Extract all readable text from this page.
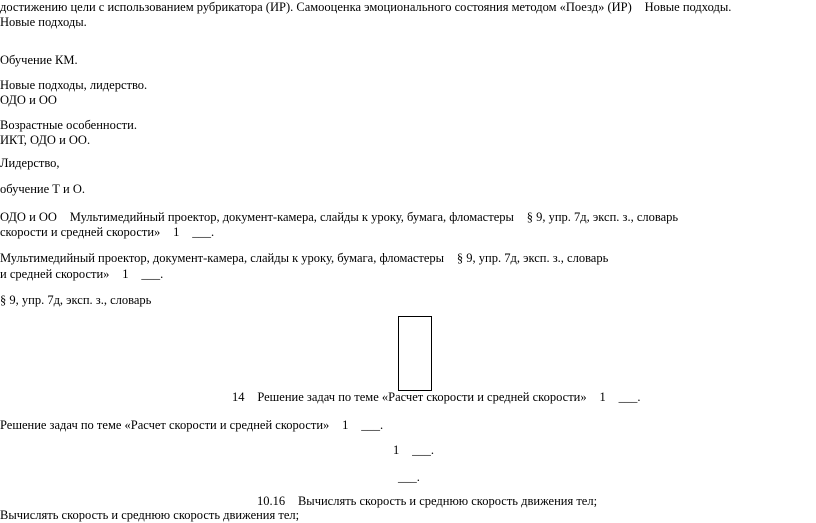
достижению цели с использованием рубрикатора (ИР). Самооценка эмоционального состояния методом «Поезд» (ИР) Новые подходы.
Новые подходы.
Обучение КМ.
Новые подходы, лидерство.
ОДО и ОО
Возрастные особенности.
ИКТ, ОДО и ОО.
Лидерство,
обучение Т и О.
ОДО и ОО Мультимедийный проектор, документ-камера, слайды к уроку, бумага, фломастеры § 9, упр. 7д, эксп. з., словарь
скорости и средней скорости» 1 ___.
Мультимедийный проектор, документ-камера, слайды к уроку, бумага, фломастеры § 9, упр. 7д, эксп. з., словарь
и средней скорости» 1 ___.
§ 9, упр. 7д, эксп. з., словарь
14 Решение задач по теме «Расчет скорости и средней скорости» 1 ___.
Решение задач по теме «Расчет скорости и средней скорости» 1 ___.
1 ___.
___.
10.16 Вычислять скорость и среднюю скорость движения тел;
Вычислять скорость и среднюю скорость движения тел;
